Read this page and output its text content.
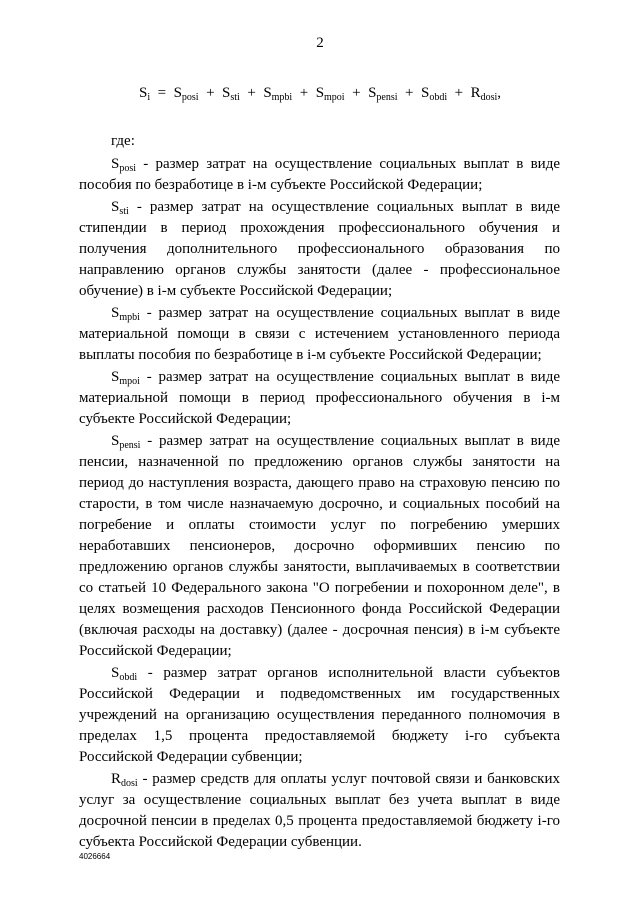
2
$S_i = S_{posi} + S_{sti} + S_{mpbi} + S_{mpoi} + S_{pensi} + S_{obdi} + R_{dosi}$,

где:

$S_{posi}$ - размер затрат на осуществление социальных выплат в виде пособия по безработице в i-м субъекте Российской Федерации;

$S_{sti}$ - размер затрат на осуществление социальных выплат в виде стипендии в период прохождения профессионального обучения и получения дополнительного профессионального образования по направлению органов службы занятости (далее - профессиональное обучение) в i-м субъекте Российской Федерации;

$S_{mpbi}$ - размер затрат на осуществление социальных выплат в виде материальной помощи в связи с истечением установленного периода выплаты пособия по безработице в i-м субъекте Российской Федерации;

$S_{mpoi}$ - размер затрат на осуществление социальных выплат в виде материальной помощи в период профессионального обучения в i-м субъекте Российской Федерации;

$S_{pensi}$ - размер затрат на осуществление социальных выплат в виде пенсии, назначенной по предложению органов службы занятости на период до наступления возраста, дающего право на страховую пенсию по старости, в том числе назначаемую досрочно, и социальных пособий на погребение и оплаты стоимости услуг по погребению умерших неработавших пенсионеров, досрочно оформивших пенсию по предложению органов службы занятости, выплачиваемых в соответствии со статьей 10 Федерального закона "О погребении и похоронном деле", в целях возмещения расходов Пенсионного фонда Российской Федерации (включая расходы на доставку) (далее - досрочная пенсия) в i-м субъекте Российской Федерации;

$S_{obdi}$ - размер затрат органов исполнительной власти субъектов Российской Федерации и подведомственных им государственных учреждений на организацию осуществления переданного полномочия в пределах 1,5 процента предоставляемой бюджету i-го субъекта Российской Федерации субвенции;

$R_{dosi}$ - размер средств для оплаты услуг почтовой связи и банковских услуг за осуществление социальных выплат без учета выплат в виде досрочной пенсии в пределах 0,5 процента предоставляемой бюджету i-го субъекта Российской Федерации субвенции.

4026664
